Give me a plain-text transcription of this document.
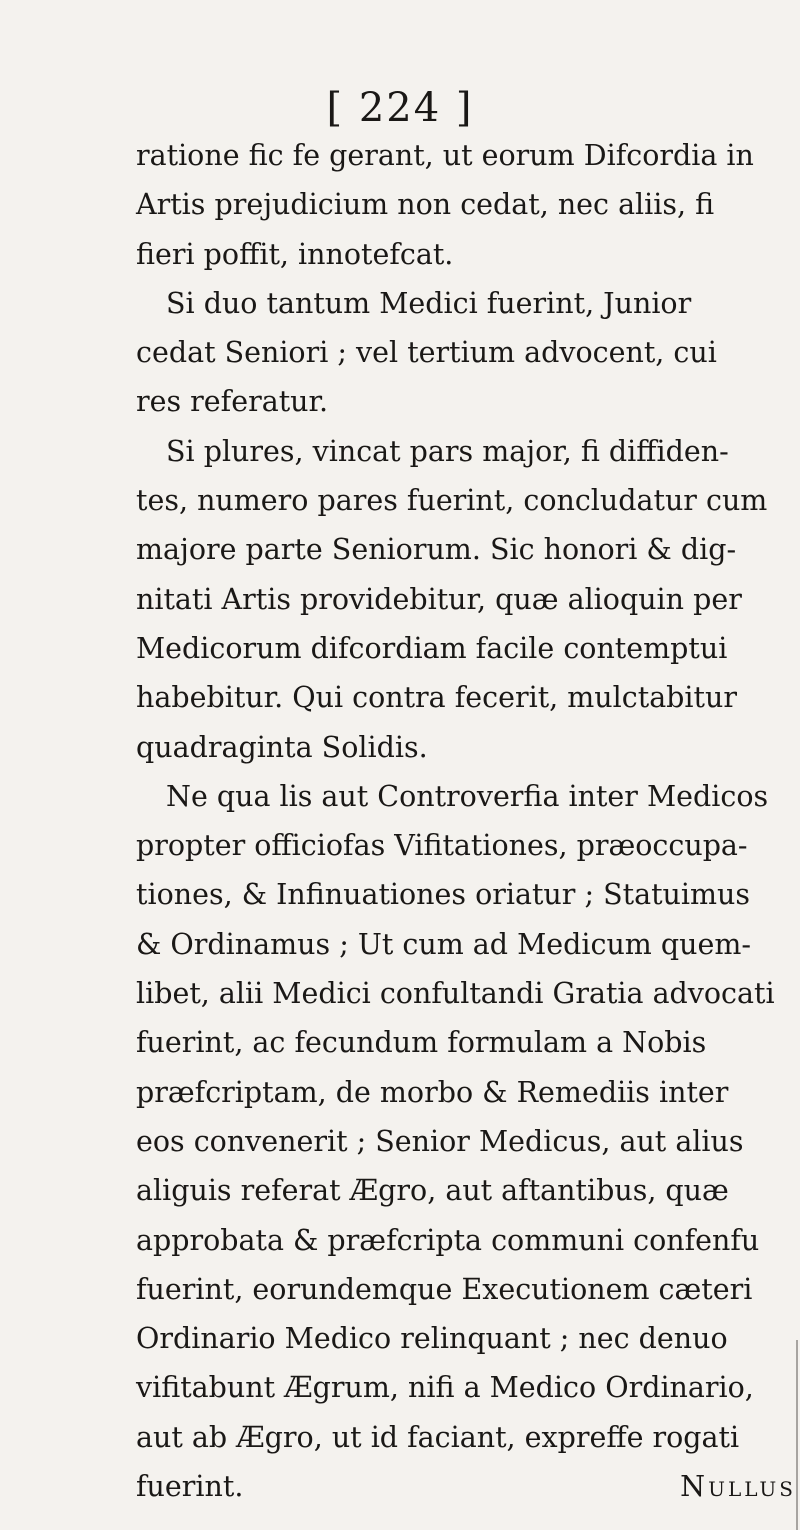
[ 224 ]
ratione fic fe gerant, ut eorum Difcordia in
Artis prejudicium non cedat, nec aliis, fi
fieri poffit, innotefcat.
Si duo tantum Medici fuerint, Junior
cedat Seniori ; vel tertium advocent, cui
res referatur.
Si plures, vincat pars major, fi diffiden-
tes, numero pares fuerint, concludatur cum
majore parte Seniorum. Sic honori & dig-
nitati Artis providebitur, quæ alioquin per
Medicorum difcordiam facile contemptui
habebitur. Qui contra fecerit, mulctabitur
quadraginta Solidis.
Ne qua lis aut Controverfia inter Medicos
propter officiofas Vifitationes, præoccupa-
tiones, & Infinuationes oriatur ; Statuimus
& Ordinamus ; Ut cum ad Medicum quem-
libet, alii Medici confultandi Gratia advocati
fuerint, ac fecundum formulam a Nobis
præfcriptam, de morbo & Remediis inter
eos convenerit ; Senior Medicus, aut alius
aliguis referat Ægro, aut aftantibus, quæ
approbata & præfcripta communi confenfu
fuerint, eorundemque Executionem cæteri
Ordinario Medico relinquant ; nec denuo
vifitabunt Ægrum, nifi a Medico Ordinario,
aut ab Ægro, ut id faciant, expreffe rogati
fuerint.	Nullus
